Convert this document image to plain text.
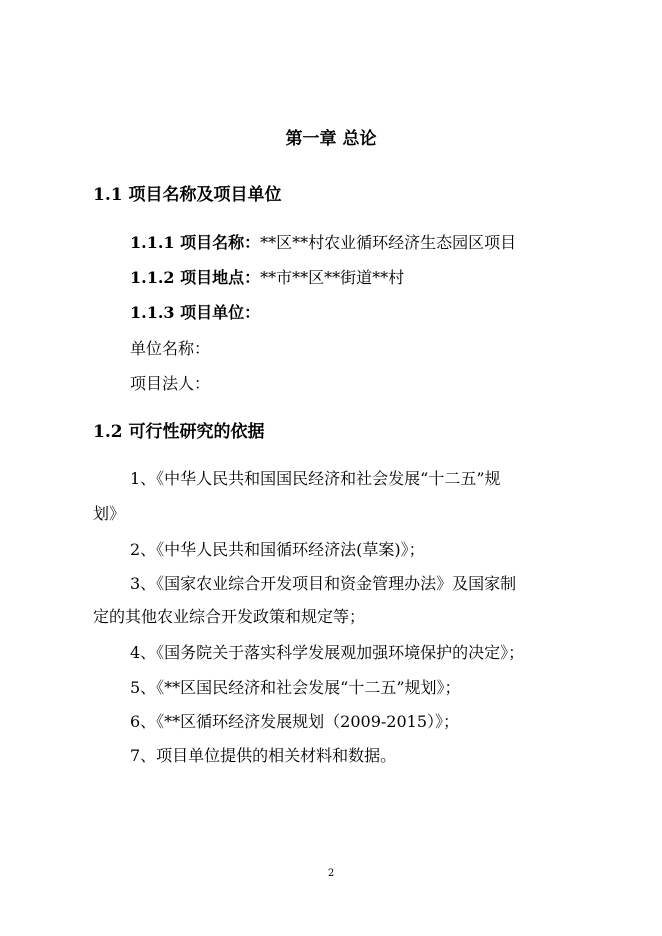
第一章 总论
1.1 项目名称及项目单位
1.1.1 项目名称：**区**村农业循环经济生态园区项目
1.1.2 项目地点：**市**区**街道**村
1.1.3 项目单位：
单位名称：
项目法人：
1.2 可行性研究的依据
1、《中华人民共和国国民经济和社会发展“十二五”规
划》
2、《中华人民共和国循环经济法(草案)》；
3、《国家农业综合开发项目和资金管理办法》及国家制
定的其他农业综合开发政策和规定等；
4、《国务院关于落实科学发展观加强环境保护的决定》；
5、《**区国民经济和社会发展“十二五”规划》；
6、《**区循环经济发展规划（2009-2015）》；
7、项目单位提供的相关材料和数据。
2
